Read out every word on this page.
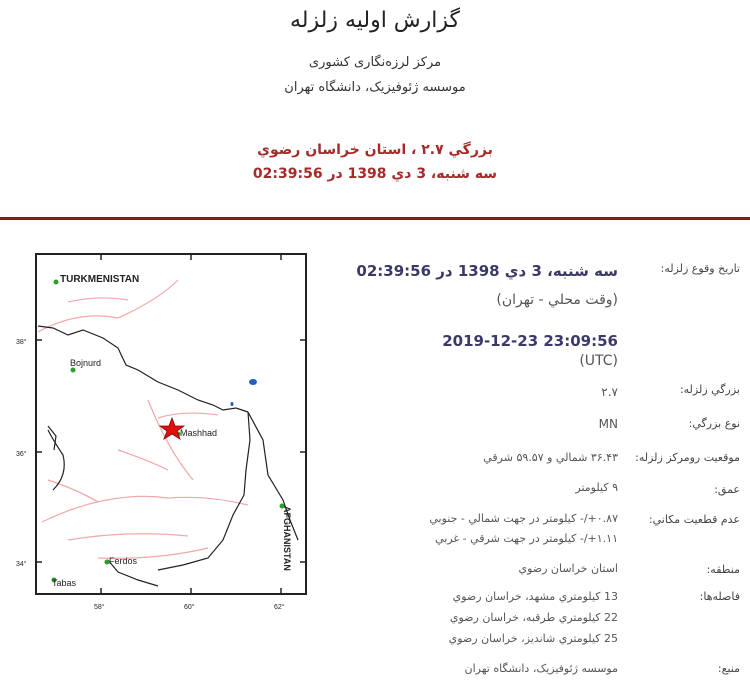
گزارش اوليه زلزله
مرکز لرزه‌نگاری کشوری
موسسه ژئوفيزيک، دانشگاه تهران
بزرگي ۲.۷ ، استان خراسان رضوي
سه شنبه، 3 دي 1398 در 02:39:56
TURKMENISTAN
Bojnurd
Mashhad
Ferdos
Tabas
AFGHANISTAN
38°
36°
34°
58°	60°	62°
تاريخ وقوع زلزله:
سه شنبه، 3 دي 1398 در 02:39:56
(وقت محلي - تهران)
2019-12-23 23:09:56
(UTC)
بزرگي زلزله:
۲.۷
نوع بزرگي:
MN
موقعيت رومرکز زلزله:
۳۶.۴۳ شمالي و ۵۹.۵۷ شرقي
عمق:
۹ کيلومتر
عدم قطعيت مکاني:
۰.۸۷+/- کيلومتر در جهت شمالي - جنوبي
۱.۱۱+/- کيلومتر در جهت شرقي - غربي
منطقه:
استان خراسان رضوي
فاصله‌ها:
13 کيلومتري مشهد، خراسان رضوي
22 کيلومتري طرقبه، خراسان رضوي
25 کيلومتري شانديز، خراسان رضوي
منبع:
موسسه ژئوفيزيک، دانشگاه تهران
